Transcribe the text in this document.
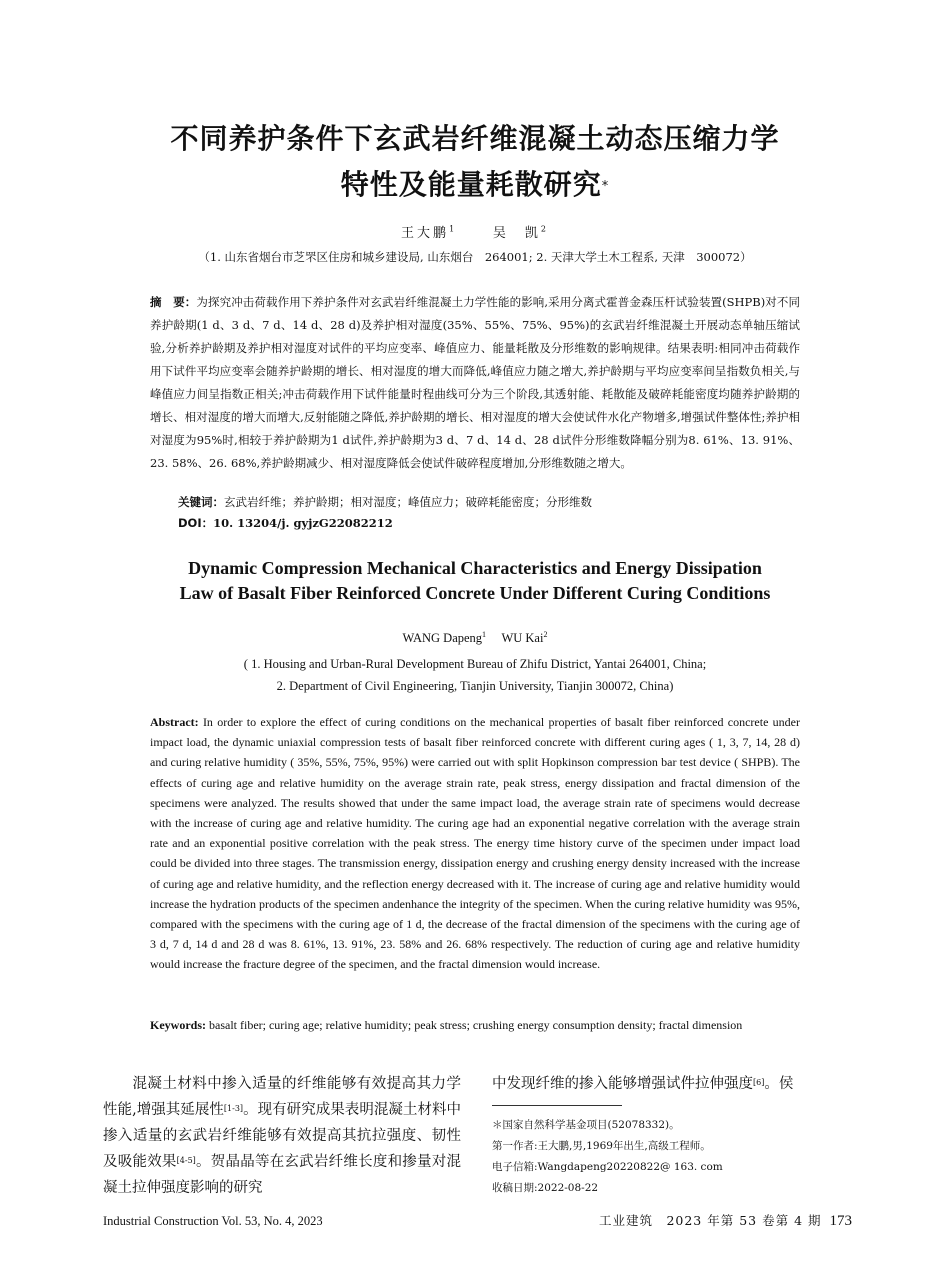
不同养护条件下玄武岩纤维混凝土动态压缩力学
特性及能量耗散研究*
王大鹏$^1$	吴　凯$^2$
（1. 山东省烟台市芝罘区住房和城乡建设局, 山东烟台　264001; 2. 天津大学土木工程系, 天津　300072）
摘　要：为探究冲击荷载作用下养护条件对玄武岩纤维混凝土力学性能的影响,采用分离式霍普金森压杆试验装置(SHPB)对不同养护龄期(1 d、3 d、7 d、14 d、28 d)及养护相对湿度(35%、55%、75%、95%)的玄武岩纤维混凝土开展动态单轴压缩试验,分析养护龄期及养护相对湿度对试件的平均应变率、峰值应力、能量耗散及分形维数的影响规律。结果表明:相同冲击荷载作用下试件平均应变率会随养护龄期的增长、相对湿度的增大而降低,峰值应力随之增大,养护龄期与平均应变率间呈指数负相关,与峰值应力间呈指数正相关;冲击荷载作用下试件能量时程曲线可分为三个阶段,其透射能、耗散能及破碎耗能密度均随养护龄期的增长、相对湿度的增大而增大,反射能随之降低,养护龄期的增长、相对湿度的增大会使试件水化产物增多,增强试件整体性;养护相对湿度为95%时,相较于养护龄期为1 d试件,养护龄期为3 d、7 d、14 d、28 d试件分形维数降幅分别为8. 61%、13. 91%、23. 58%、26. 68%,养护龄期减少、相对湿度降低会使试件破碎程度增加,分形维数随之增大。
关键词：玄武岩纤维；养护龄期；相对湿度；峰值应力；破碎耗能密度；分形维数
DOI：10. 13204/j. gyjzG22082212
Dynamic Compression Mechanical Characteristics and Energy Dissipation
Law of Basalt Fiber Reinforced Concrete Under Different Curing Conditions
WANG Dapeng$^1$ WU Kai$^2$
( 1. Housing and Urban-Rural Development Bureau of Zhifu District, Yantai 264001, China;
2. Department of Civil Engineering, Tianjin University, Tianjin 300072, China)
Abstract: In order to explore the effect of curing conditions on the mechanical properties of basalt fiber reinforced concrete under impact load, the dynamic uniaxial compression tests of basalt fiber reinforced concrete with different curing ages ( 1, 3, 7, 14, 28 d) and curing relative humidity ( 35%, 55%, 75%, 95%) were carried out with split Hopkinson compression bar test device ( SHPB). The effects of curing age and relative humidity on the average strain rate, peak stress, energy dissipation and fractal dimension of the specimens were analyzed. The results showed that under the same impact load, the average strain rate of specimens would decrease with the increase of curing age and relative humidity. The curing age had an exponential negative correlation with the average strain rate and an exponential positive correlation with the peak stress. The energy time history curve of the specimen under impact load could be divided into three stages. The transmission energy, dissipation energy and crushing energy density increased with the increase of curing age and relative humidity, and the reflection energy decreased with it. The increase of curing age and relative humidity would increase the hydration products of the specimen andenhance the integrity of the specimen. When the curing relative humidity was 95%, compared with the specimens with the curing age of 1 d, the decrease of the fractal dimension of the specimens with the curing age of 3 d, 7 d, 14 d and 28 d was 8. 61%, 13. 91%, 23. 58% and 26. 68% respectively. The reduction of curing age and relative humidity would increase the fracture degree of the specimen, and the fractal dimension would increase.
Keywords: basalt fiber; curing age; relative humidity; peak stress; crushing energy consumption density; fractal dimension
混凝土材料中掺入适量的纤维能够有效提高其力学性能,增强其延展性[1-3]。现有研究成果表明混凝土材料中掺入适量的玄武岩纤维能够有效提高其抗拉强度、韧性及吸能效果[4-5]。贺晶晶等在玄武岩纤维长度和掺量对混凝土拉伸强度影响的研究
中发现纤维的掺入能够增强试件拉伸强度[6]。侯
＊国家自然科学基金项目(52078332)。
第一作者:王大鹏,男,1969年出生,高级工程师。
电子信箱:Wangdapeng20220822@ 163. com
收稿日期:2022-08-22
Industrial Construction Vol. 53, No. 4, 2023	工业建筑　2023 年第 53 卷第 4 期 173
